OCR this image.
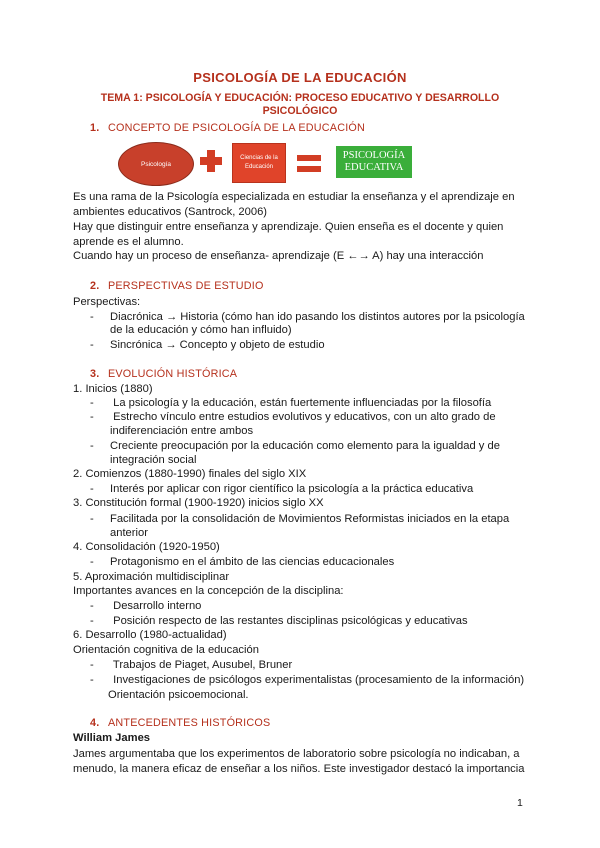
PSICOLOGÍA DE LA EDUCACIÓN
TEMA 1: PSICOLOGÍA Y EDUCACIÓN: PROCESO EDUCATIVO Y DESARROLLO PSICOLÓGICO
1. CONCEPTO DE PSICOLOGÍA DE LA EDUCACIÓN
Psicología
Ciencias de la
Educación
PSICOLOGÍA
EDUCATIVA
Es una rama de la Psicología especializada en estudiar la enseñanza y el aprendizaje en
ambientes educativos (Santrock, 2006)
Hay que distinguir entre enseñanza y aprendizaje. Quien enseña es el docente y quien
aprende es el alumno.
Cuando hay un proceso de enseñanza- aprendizaje (E ←→ A) hay una interacción
2. PERSPECTIVAS DE ESTUDIO
Perspectivas:
- Diacrónica → Historia (cómo han ido pasando los distintos autores por la psicología
de la educación y cómo han influido)
- Sincrónica → Concepto y objeto de estudio
3. EVOLUCIÓN HISTÓRICA
1. Inicios (1880)
- La psicología y la educación, están fuertemente influenciadas por la filosofía
- Estrecho vínculo entre estudios evolutivos y educativos, con un alto grado de
indiferenciación entre ambos
- Creciente preocupación por la educación como elemento para la igualdad y de
integración social
2. Comienzos (1880-1990) finales del siglo XIX
- Interés por aplicar con rigor científico la psicología a la práctica educativa
3. Constitución formal (1900-1920) inicios siglo XX
- Facilitada por la consolidación de Movimientos Reformistas iniciados en la etapa
anterior
4. Consolidación (1920-1950)
- Protagonismo en el ámbito de las ciencias educacionales
5. Aproximación multidisciplinar
Importantes avances en la concepción de la disciplina:
- Desarrollo interno
- Posición respecto de las restantes disciplinas psicológicas y educativas
6. Desarrollo (1980-actualidad)
Orientación cognitiva de la educación
- Trabajos de Piaget, Ausubel, Bruner
- Investigaciones de psicólogos experimentalistas (procesamiento de la información)
Orientación psicoemocional.
4. ANTECEDENTES HISTÓRICOS
William James
James argumentaba que los experimentos de laboratorio sobre psicología no indicaban, a
menudo, la manera eficaz de enseñar a los niños. Este investigador destacó la importancia
1
